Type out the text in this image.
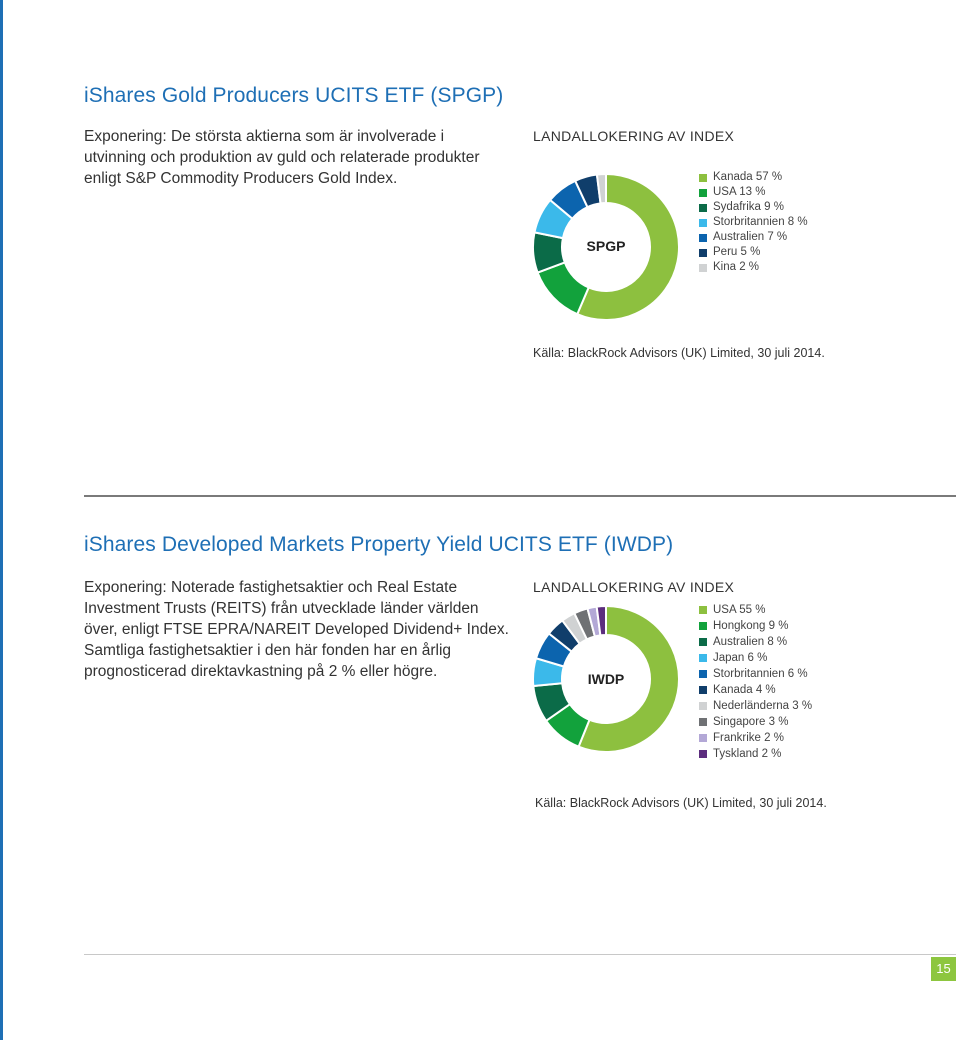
iShares Gold Producers UCITS ETF (SPGP)

Exponering: De största aktierna som är involverade i utvinning och produktion av guld och relaterade produkter enligt S&P Commodity Producers Gold Index.

LANDALLOKERING AV INDEX
SPGP
Kanada 57 %
USA 13 %
Sydafrika 9 %
Storbritannien 8 %
Australien 7 %
Peru 5 %
Kina 2 %
Källa: BlackRock Advisors (UK) Limited, 30 juli 2014.
iShares Developed Markets Property Yield UCITS ETF (IWDP)

Exponering: Noterade fastighetsaktier och Real Estate Investment Trusts (REITS) från utvecklade länder världen över, enligt FTSE EPRA/NAREIT Developed Dividend+ Index. Samtliga fastighetsaktier i den här fonden har en årlig prognosticerad direktavkastning på 2 % eller högre.

LANDALLOKERING AV INDEX
IWDP
USA 55 %
Hongkong 9 %
Australien 8 %
Japan 6 %
Storbritannien 6 %
Kanada 4 %
Nederländerna 3 %
Singapore 3 %
Frankrike 2 %
Tyskland 2 %
Källa: BlackRock Advisors (UK) Limited, 30 juli 2014.
15
